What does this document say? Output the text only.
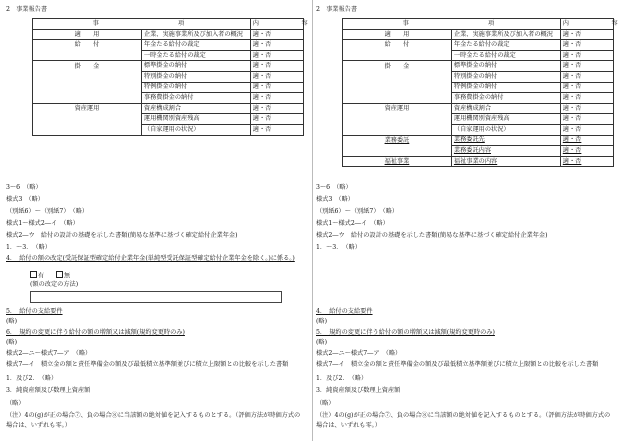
2　事業報告書
事　　　　　　項		内　　　容
適　　用	企業、実施事業所及び加入者の概況	適・否
給　　付	年金たる給付の裁定	適・否
	一時金たる給付の裁定	適・否
掛　　金	標準掛金の納付	適・否
	特別掛金の納付	適・否
	特例掛金の納付	適・否
	事務費掛金の納付	適・否
資産運用	資産構成割合	適・否
	運用機関別資産残高	適・否
	（自家運用の状況）	適・否
3～6　（略）
様式3　（略）
（別紙6）～（別紙7）　（略）
様式1～様式2―イ　（略）
様式2―ウ　給付の設計の基礎を示した書類(簡易な基準に基づく確定給付企業年金)
1．～3．　（略）
4．　給付の額の改定(受託保証型確定給付企業年金(単純型受託保証型確定給付企業年金を除く。)に係る。)
有	無
(額の改定の方法)
5．　給付の支給要件
(略)
6．　規約の変更に伴う給付の額の増額又は減額(規約変更時のみ)
(略)
様式2―ニ～様式7―ア　（略）
様式7―イ　積立金の額と責任準備金の額及び最低積立基準額並びに積立上限額との比較を示した書類
1．及び2．　（略）
3．純資産額及び数理上資産額
（略）
（注）4の(g)が正の場合⑦、負の場合⑧に当該額の絶対値を記入するものとする。（評価方法が時価方式の
場合は、いずれも零。）
2　事業報告書
事　　　　　　項		内　　　容
適　　用	企業、実施事業所及び加入者の概況	適・否
給　　付	年金たる給付の裁定	適・否
	一時金たる給付の裁定	適・否
掛　　金	標準掛金の納付	適・否
	特別掛金の納付	適・否
	特例掛金の納付	適・否
	事務費掛金の納付	適・否
資産運用	資産構成割合	適・否
	運用機関別資産残高	適・否
	（自家運用の状況）	適・否
業務委託	業務委託先	適・否
	業務委託内容	適・否
福祉事業	福祉事業の内容	適・否
3～6　（略）
様式3　（略）
（別紙6）～（別紙7）　（略）
様式1～様式2―イ　（略）
様式2―ウ　給付の設計の基礎を示した書類(簡易な基準に基づく確定給付企業年金)
1．～3．　（略）
4．　給付の支給要件
(略)
5．　規約の変更に伴う給付の額の増額又は減額(規約変更時のみ)
(略)
様式2―ニ～様式7―ア　（略）
様式7―イ　積立金の額と責任準備金の額及び最低積立基準額並びに積立上限額との比較を示した書類
1．及び2．　（略）
3．純資産額及び数理上資産額
（略）
（注）4の(g)が正の場合⑦、負の場合⑧に当該額の絶対値を記入するものとする。（評価方法が時価方式の
場合は、いずれも零。）
